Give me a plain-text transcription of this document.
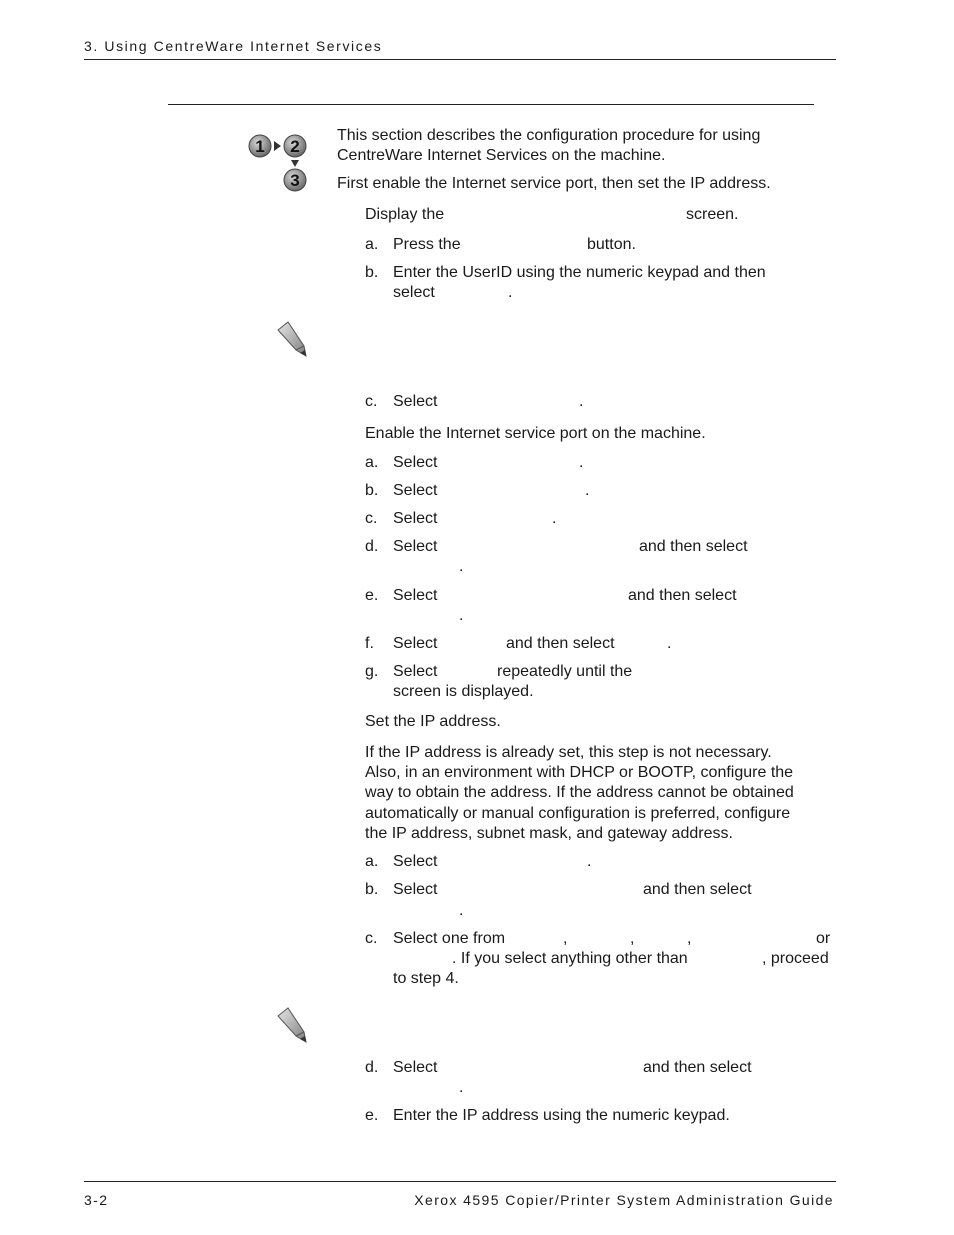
3. Using CentreWare Internet Services
1 2
3
This section describes the configuration procedure for using
CentreWare Internet Services on the machine.
First enable the Internet service port, then set the IP address.
Display the	screen.
a. Press the	button.
b. Enter the UserID using the numeric keypad and then
select	.
c. Select	.
Enable the Internet service port on the machine.
a. Select	.
b. Select	.
c. Select	.
d. Select	and then select
.
e. Select	and then select
.
f. Select	and then select	.
g. Select	repeatedly until the
screen is displayed.
Set the IP address.
If the IP address is already set, this step is not necessary.
Also, in an environment with DHCP or BOOTP, configure the
way to obtain the address. If the address cannot be obtained
automatically or manual configuration is preferred, configure
the IP address, subnet mask, and gateway address.
a. Select	.
b. Select	and then select
.
c. Select one from	,	,	,	or
. If you select anything other than	, proceed
to step 4.
d. Select	and then select
.
e. Enter the IP address using the numeric keypad.
3-2	Xerox 4595 Copier/Printer System Administration Guide
